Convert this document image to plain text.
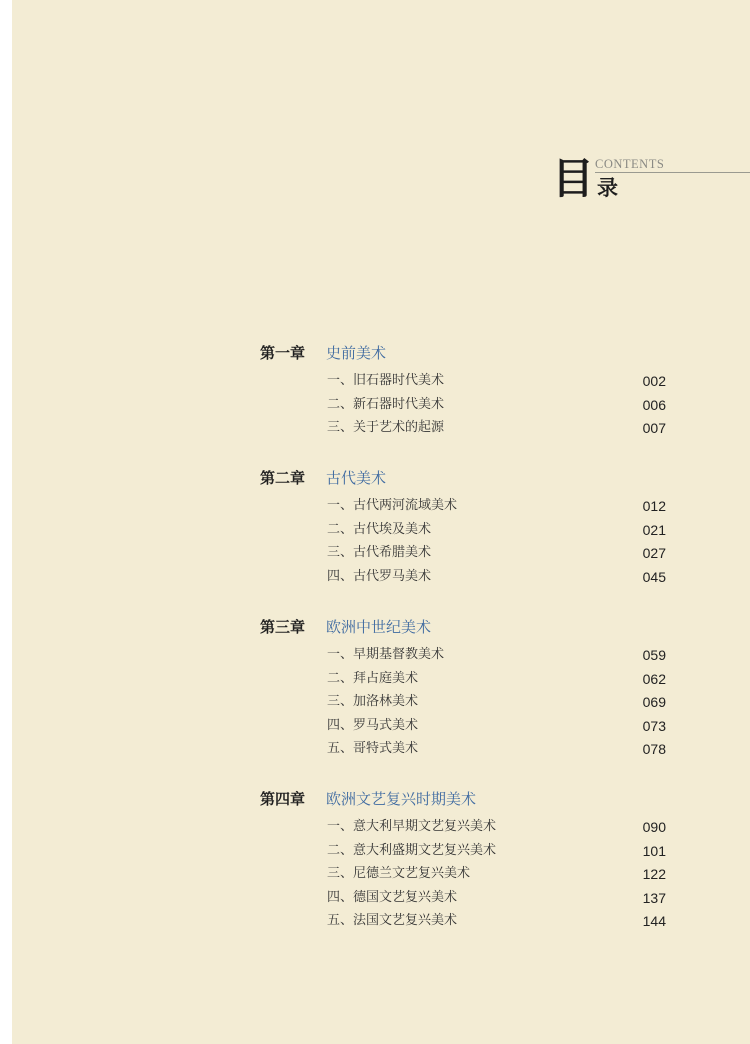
目 CONTENTS
录
第一章 史前美术
一、旧石器时代美术	002
二、新石器时代美术	006
三、关于艺术的起源	007
第二章 古代美术
一、古代两河流域美术	012
二、古代埃及美术	021
三、古代希腊美术	027
四、古代罗马美术	045
第三章 欧洲中世纪美术
一、早期基督教美术	059
二、拜占庭美术	062
三、加洛林美术	069
四、罗马式美术	073
五、哥特式美术	078
第四章 欧洲文艺复兴时期美术
一、意大利早期文艺复兴美术	090
二、意大利盛期文艺复兴美术	101
三、尼德兰文艺复兴美术	122
四、德国文艺复兴美术	137
五、法国文艺复兴美术	144
